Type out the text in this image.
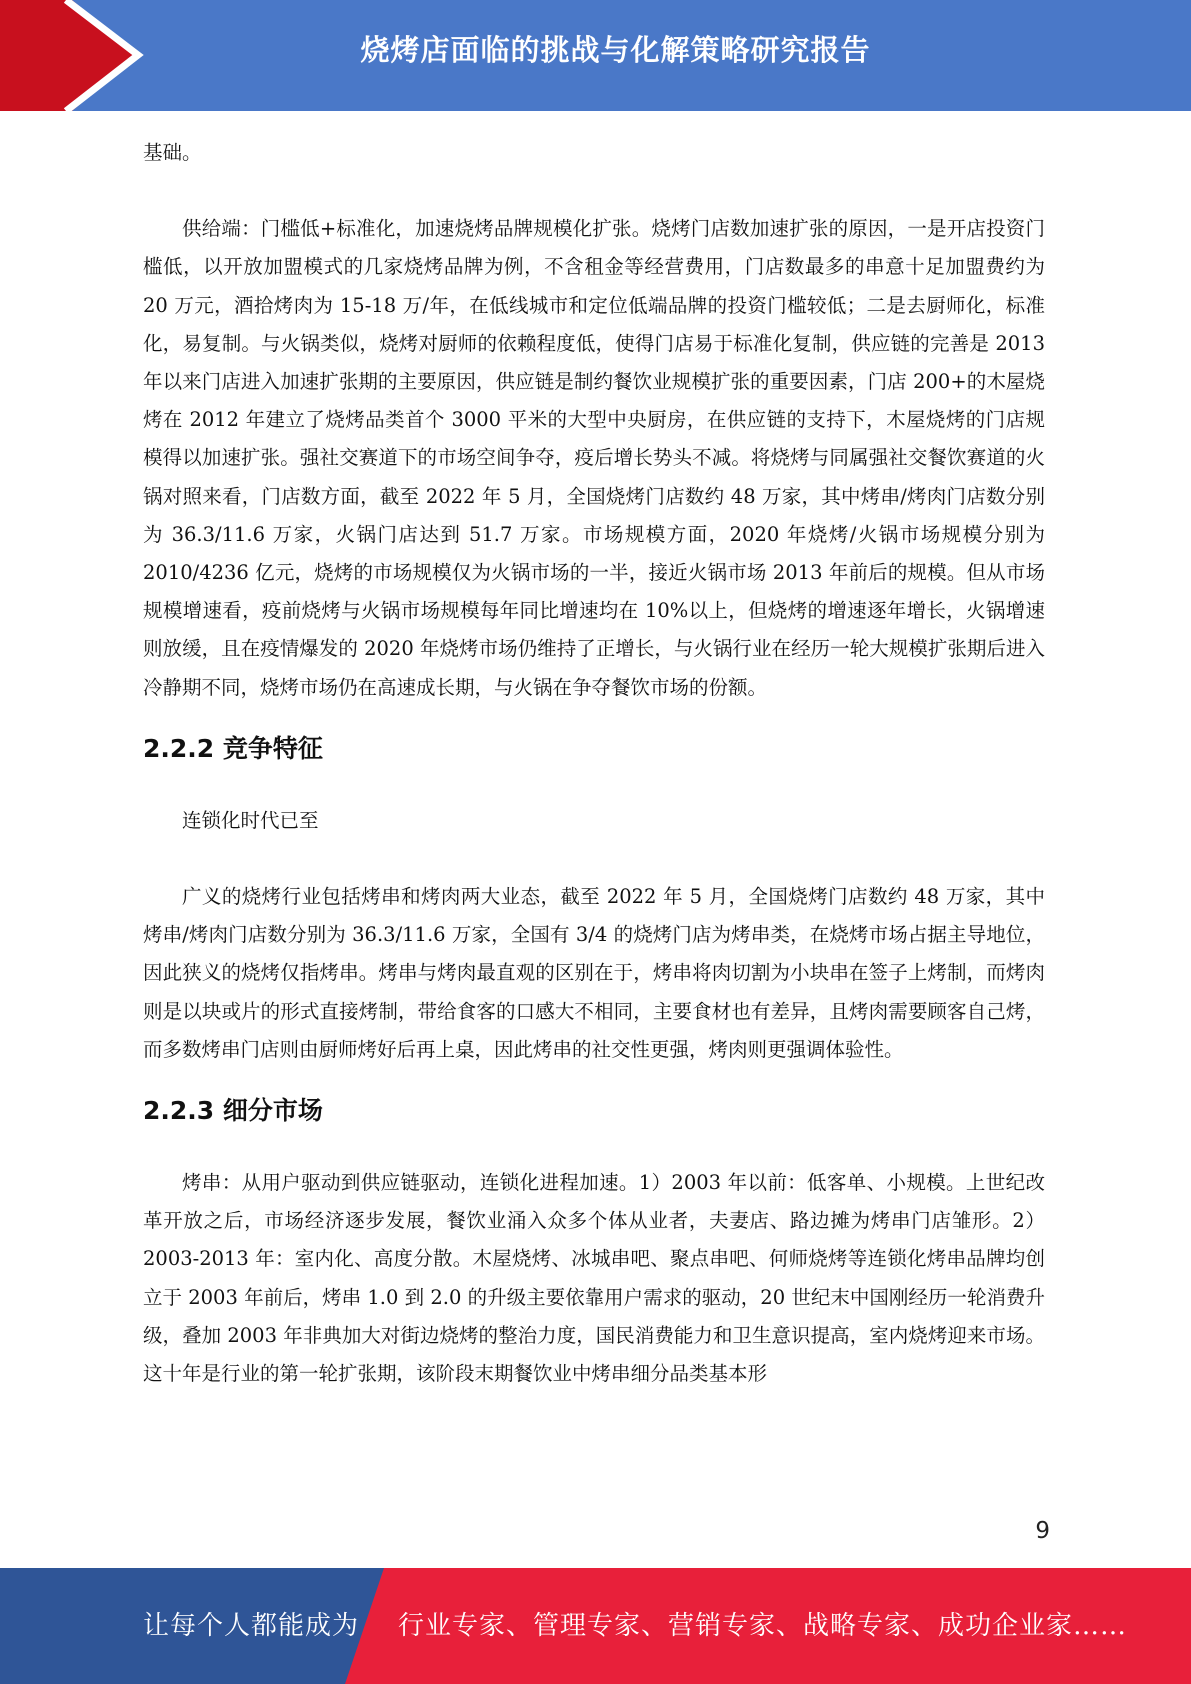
烧烤店面临的挑战与化解策略研究报告

基础。

供给端：门槛低+标准化，加速烧烤品牌规模化扩张。烧烤门店数加速扩张的原因，一是开店投资门槛低，以开放加盟模式的几家烧烤品牌为例，不含租金等经营费用，门店数最多的串意十足加盟费约为 20 万元，酒拾烤肉为 15-18 万/年，在低线城市和定位低端品牌的投资门槛较低；二是去厨师化，标准化，易复制。与火锅类似，烧烤对厨师的依赖程度低，使得门店易于标准化复制，供应链的完善是 2013 年以来门店进入加速扩张期的主要原因，供应链是制约餐饮业规模扩张的重要因素，门店 200+的木屋烧烤在 2012 年建立了烧烤品类首个 3000 平米的大型中央厨房，在供应链的支持下，木屋烧烤的门店规模得以加速扩张。强社交赛道下的市场空间争夺，疫后增长势头不减。将烧烤与同属强社交餐饮赛道的火锅对照来看，门店数方面，截至 2022 年 5 月，全国烧烤门店数约 48 万家，其中烤串/烤肉门店数分别为 36.3/11.6 万家，火锅门店达到 51.7 万家。市场规模方面，2020 年烧烤/火锅市场规模分别为 2010/4236 亿元，烧烤的市场规模仅为火锅市场的一半，接近火锅市场 2013 年前后的规模。但从市场规模增速看，疫前烧烤与火锅市场规模每年同比增速均在 10%以上，但烧烤的增速逐年增长，火锅增速则放缓，且在疫情爆发的 2020 年烧烤市场仍维持了正增长，与火锅行业在经历一轮大规模扩张期后进入冷静期不同，烧烤市场仍在高速成长期，与火锅在争夺餐饮市场的份额。

2.2.2 竞争特征

连锁化时代已至

广义的烧烤行业包括烤串和烤肉两大业态，截至 2022 年 5 月，全国烧烤门店数约 48 万家，其中烤串/烤肉门店数分别为 36.3/11.6 万家，全国有 3/4 的烧烤门店为烤串类，在烧烤市场占据主导地位，因此狭义的烧烤仅指烤串。烤串与烤肉最直观的区别在于，烤串将肉切割为小块串在签子上烤制，而烤肉则是以块或片的形式直接烤制，带给食客的口感大不相同，主要食材也有差异，且烤肉需要顾客自己烤，而多数烤串门店则由厨师烤好后再上桌，因此烤串的社交性更强，烤肉则更强调体验性。

2.2.3 细分市场

烤串：从用户驱动到供应链驱动，连锁化进程加速。1）2003 年以前：低客单、小规模。上世纪改革开放之后，市场经济逐步发展，餐饮业涌入众多个体从业者，夫妻店、路边摊为烤串门店雏形。2）2003-2013 年：室内化、高度分散。木屋烧烤、冰城串吧、聚点串吧、何师烧烤等连锁化烤串品牌均创立于 2003 年前后，烤串 1.0 到 2.0 的升级主要依靠用户需求的驱动，20 世纪末中国刚经历一轮消费升级，叠加 2003 年非典加大对街边烧烤的整治力度，国民消费能力和卫生意识提高，室内烧烤迎来市场。这十年是行业的第一轮扩张期，该阶段末期餐饮业中烤串细分品类基本形

9
让每个人都能成为 行业专家、管理专家、营销专家、战略专家、成功企业家……
